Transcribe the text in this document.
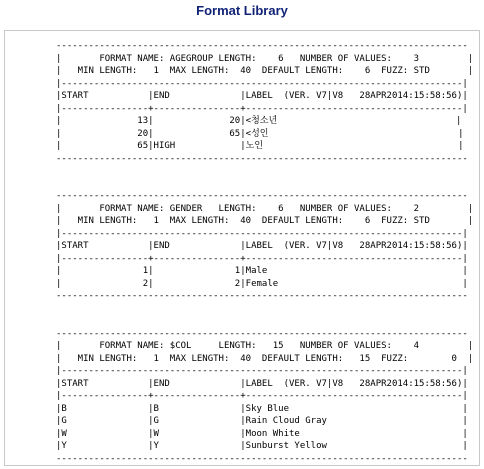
Format Library
----------------------------------------------------------------------------
|       FORMAT NAME: AGEGROUP LENGTH:    6   NUMBER OF VALUES:    3         |
|   MIN LENGTH:   1  MAX LENGTH:  40  DEFAULT LENGTH:    6  FUZZ: STD       |
|--------------------------------------------------------------------------|
|START           |END             |LABEL  (VER. V7|V8   28APR2014:15:58:56)|
|----------------+----------------+----------------------------------------|
|              13|              20|<청소년                                 |
|              20|              65|<성인                                   |
|              65|HIGH            |노인                                    |
----------------------------------------------------------------------------

----------------------------------------------------------------------------
|       FORMAT NAME: GENDER   LENGTH:    6   NUMBER OF VALUES:    2         |
|   MIN LENGTH:   1  MAX LENGTH:  40  DEFAULT LENGTH:    6  FUZZ: STD       |
|--------------------------------------------------------------------------|
|START           |END             |LABEL  (VER. V7|V8   28APR2014:15:58:56)|
|----------------+----------------+----------------------------------------|
|               1|               1|Male                                    |
|               2|               2|Female                                  |
----------------------------------------------------------------------------

----------------------------------------------------------------------------
|       FORMAT NAME: $COL     LENGTH:   15   NUMBER OF VALUES:    4         |
|   MIN LENGTH:   1  MAX LENGTH:  40  DEFAULT LENGTH:   15  FUZZ:        0  |
|--------------------------------------------------------------------------|
|START           |END             |LABEL  (VER. V7|V8   28APR2014:15:58:56)|
|----------------+----------------+----------------------------------------|
|B               |B               |Sky Blue                                |
|G               |G               |Rain Cloud Gray                         |
|W               |W               |Moon White                              |
|Y               |Y               |Sunburst Yellow                         |
----------------------------------------------------------------------------
